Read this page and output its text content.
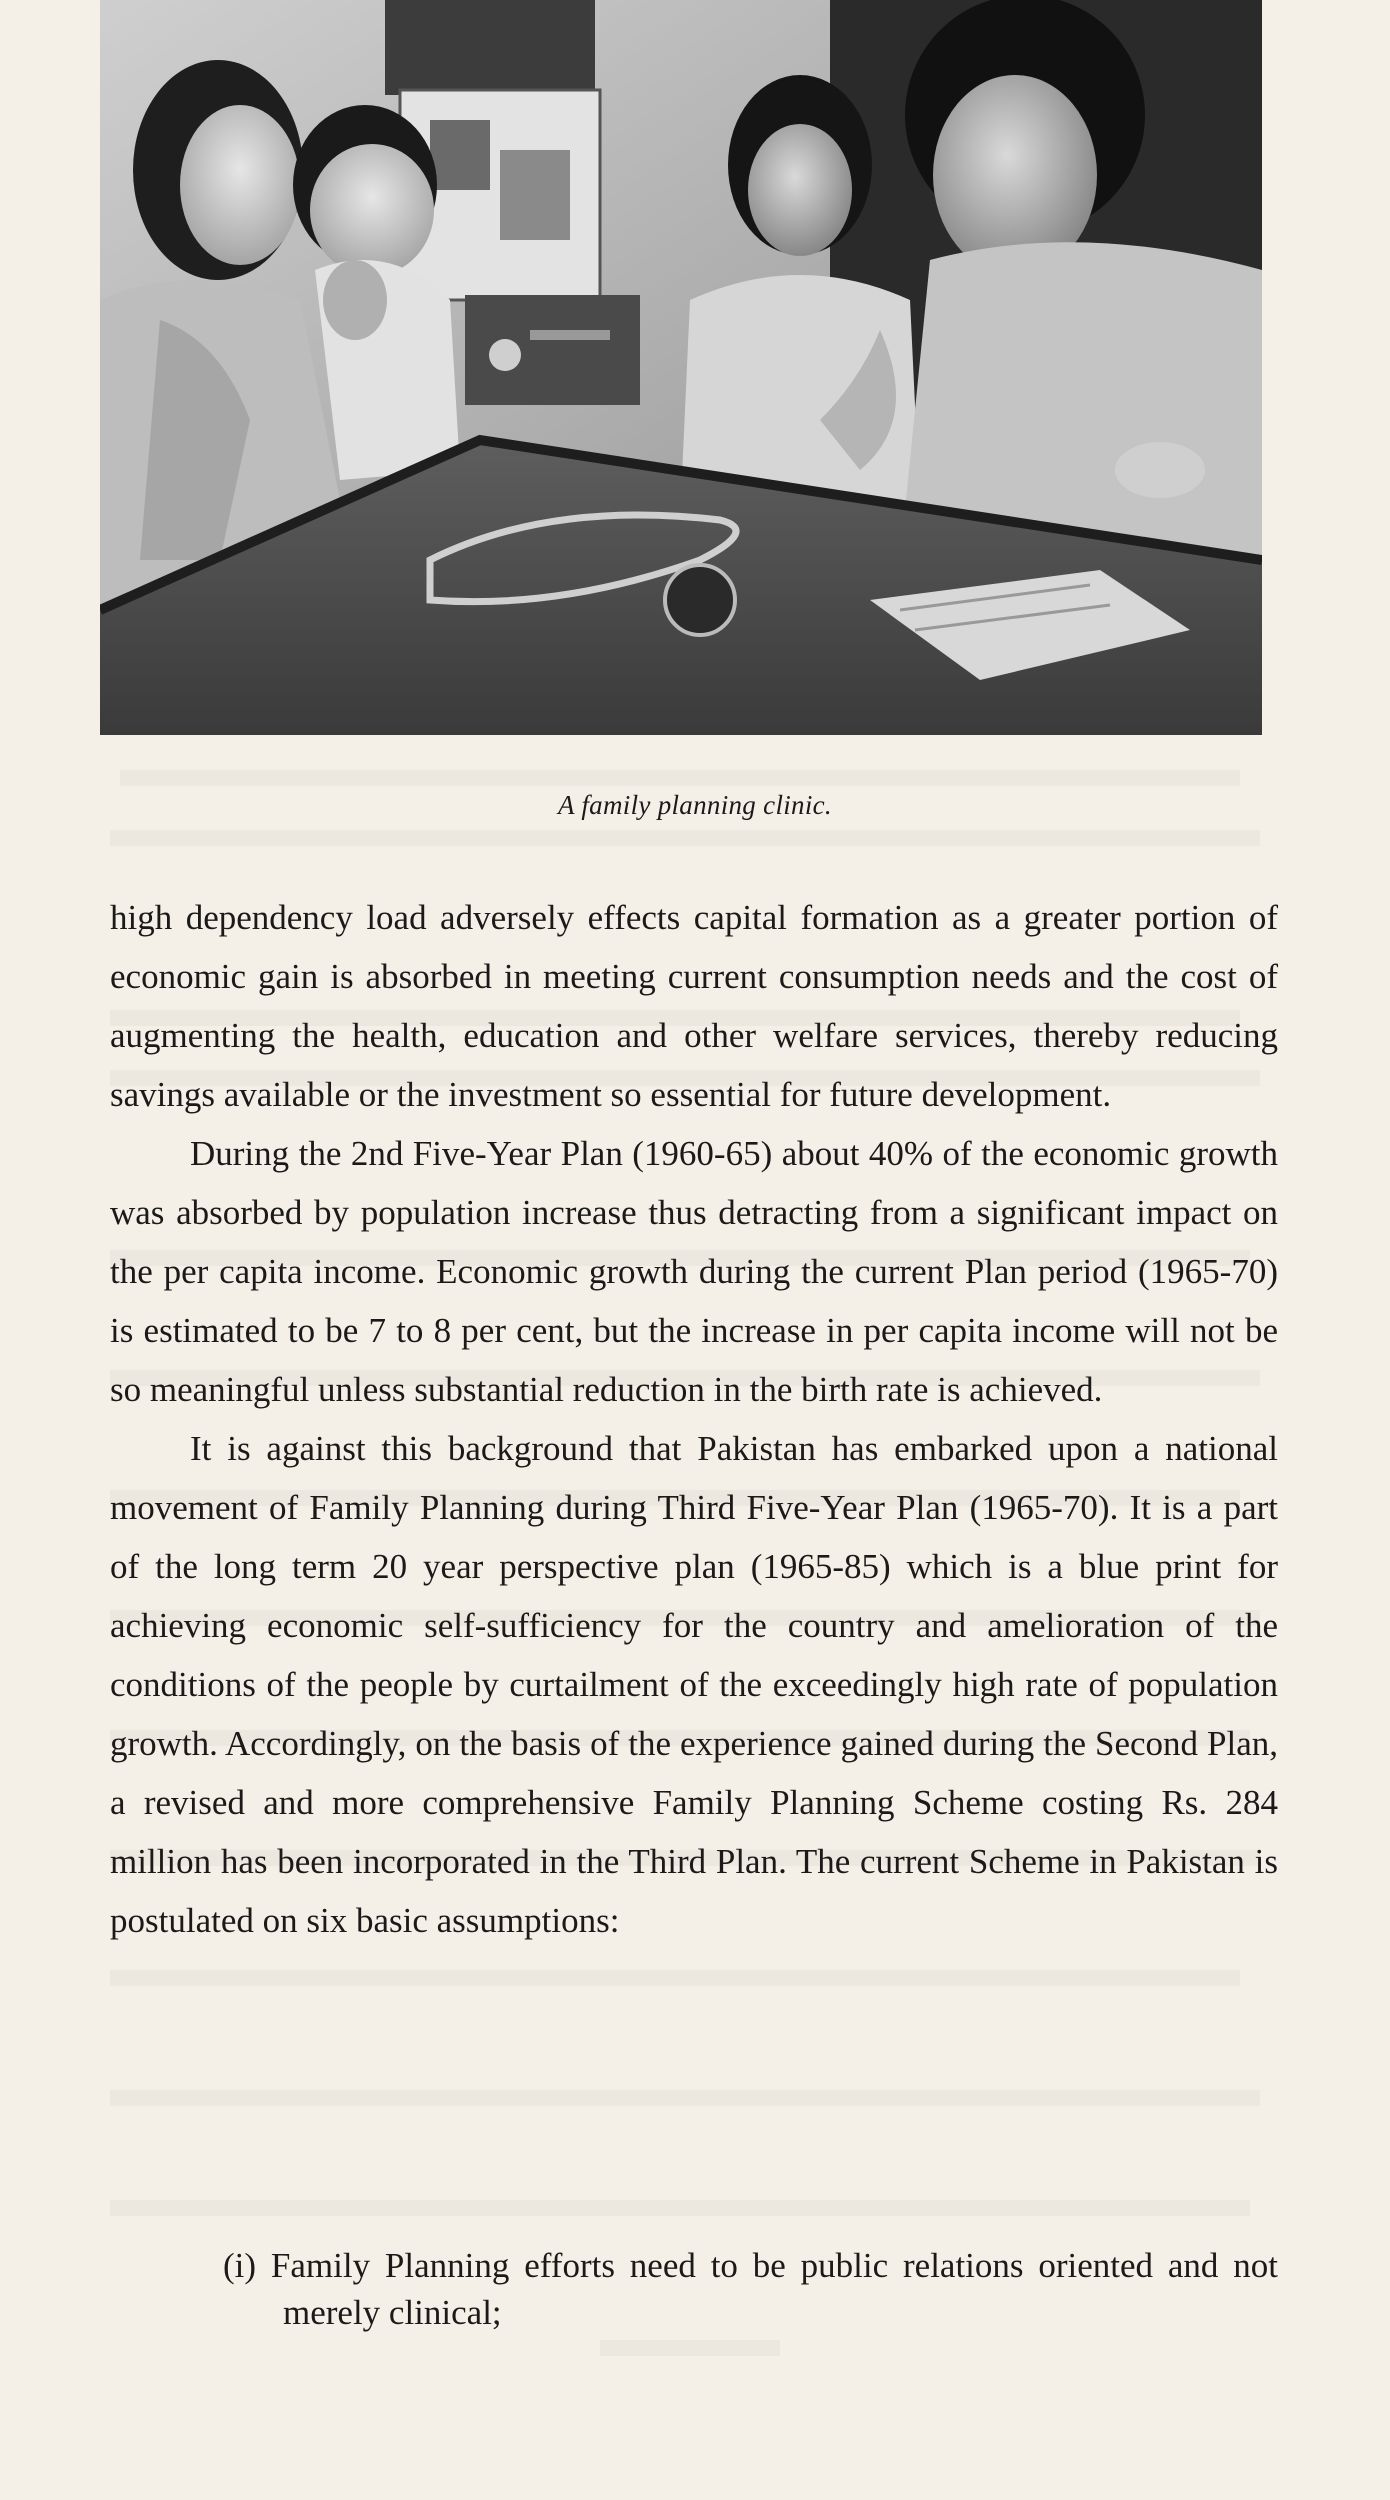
A family planning clinic.

high dependency load adversely effects capital formation as a greater portion of economic gain is absorbed in meeting current consumption needs and the cost of augmenting the health, education and other welfare services, thereby reducing savings available or the investment so essential for future development.

During the 2nd Five-Year Plan (1960-65) about 40% of the economic growth was absorbed by population increase thus detracting from a significant impact on the per capita income. Economic growth during the current Plan period (1965-70) is estimated to be 7 to 8 per cent, but the increase in per capita income will not be so meaningful unless substantial reduction in the birth rate is achieved.

It is against this background that Pakistan has embarked upon a national movement of Family Planning during Third Five-Year Plan (1965-70). It is a part of the long term 20 year perspective plan (1965-85) which is a blue print for achieving economic self-sufficiency for the country and amelioration of the conditions of the people by curtailment of the exceedingly high rate of population growth. Accordingly, on the basis of the experience gained during the Second Plan, a revised and more comprehensive Family Planning Scheme costing Rs. 284 million has been incorporated in the Third Plan. The current Scheme in Pakistan is postulated on six basic assumptions:

(i) Family Planning efforts need to be public relations oriented and not merely clinical;
